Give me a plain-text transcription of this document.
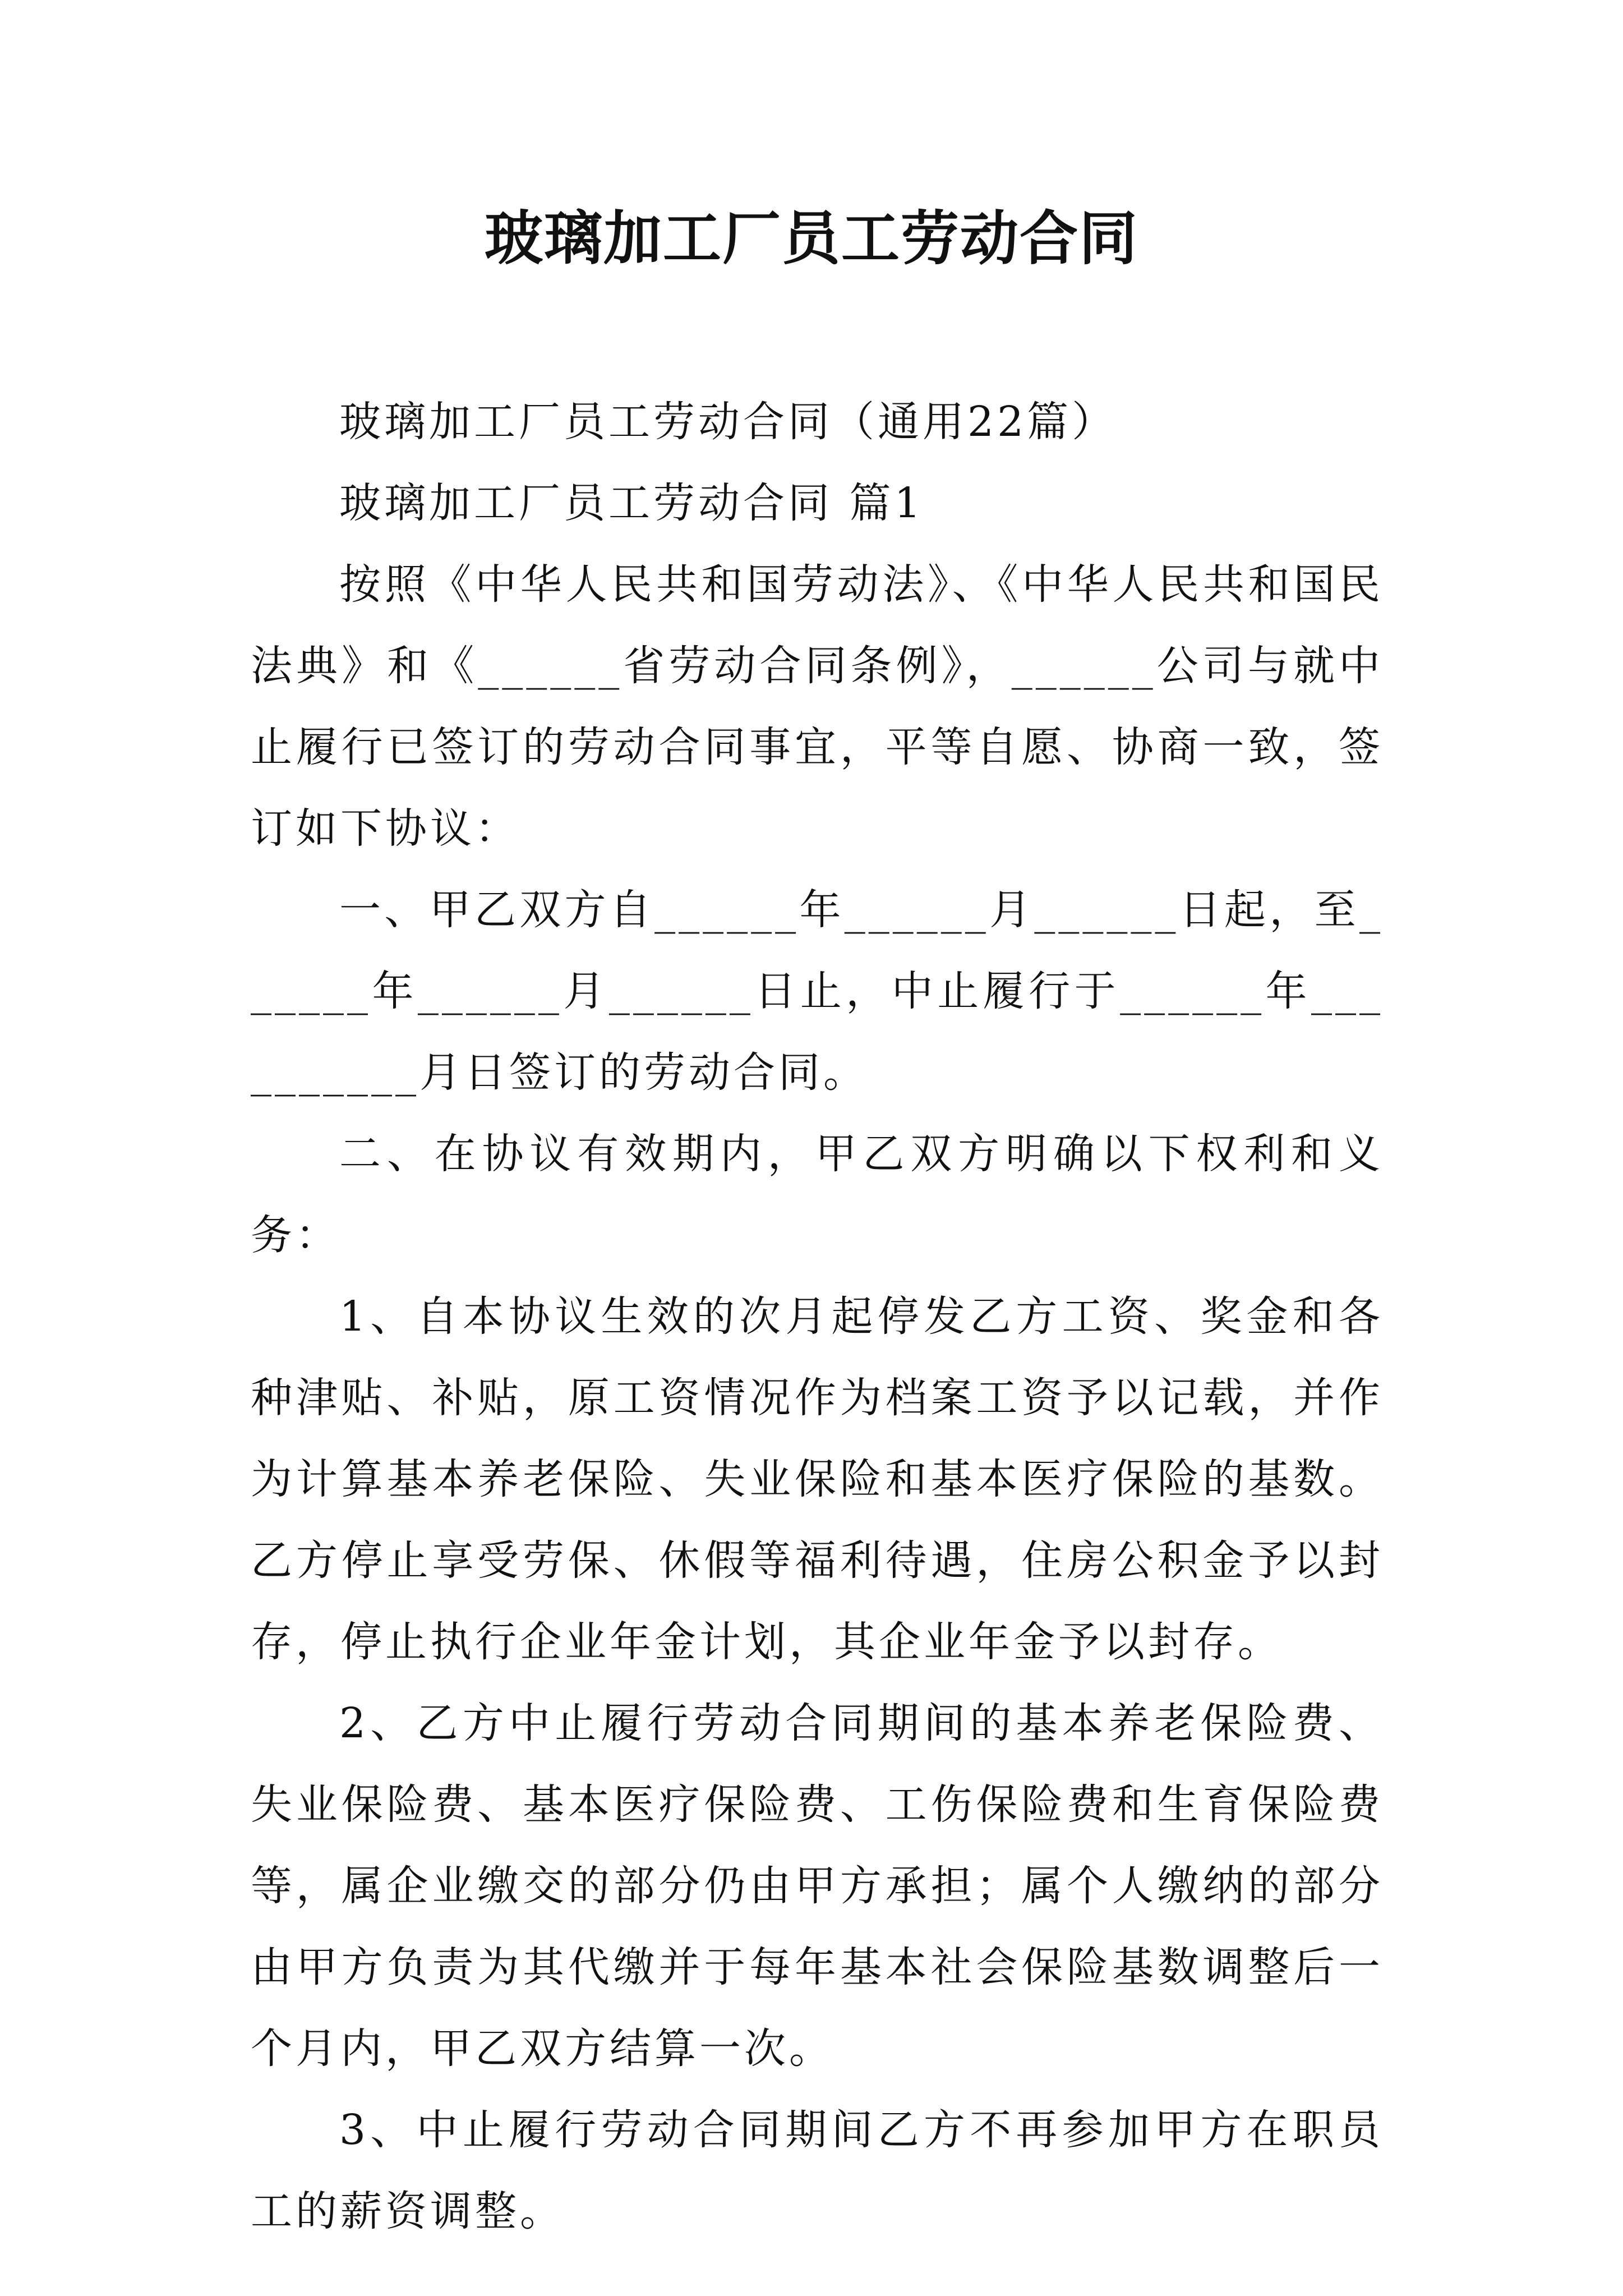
玻璃加工厂员工劳动合同

玻璃加工厂员工劳动合同（通用22篇）

玻璃加工厂员工劳动合同 篇1

按照《中华人民共和国劳动法》、《中华人民共和国民法典》和《______省劳动合同条例》，______公司与就中止履行已签订的劳动合同事宜，平等自愿、协商一致，签订如下协议：

一、甲乙双方自______年______月______日起，至______年______月______日止，中止履行于______年__________月日签订的劳动合同。

二、在协议有效期内，甲乙双方明确以下权利和义务：

1、自本协议生效的次月起停发乙方工资、奖金和各种津贴、补贴，原工资情况作为档案工资予以记载，并作为计算基本养老保险、失业保险和基本医疗保险的基数。乙方停止享受劳保、休假等福利待遇，住房公积金予以封存，停止执行企业年金计划，其企业年金予以封存。

2、乙方中止履行劳动合同期间的基本养老保险费、失业保险费、基本医疗保险费、工伤保险费和生育保险费等，属企业缴交的部分仍由甲方承担；属个人缴纳的部分由甲方负责为其代缴并于每年基本社会保险基数调整后一个月内，甲乙双方结算一次。

3、中止履行劳动合同期间乙方不再参加甲方在职员工的薪资调整。
